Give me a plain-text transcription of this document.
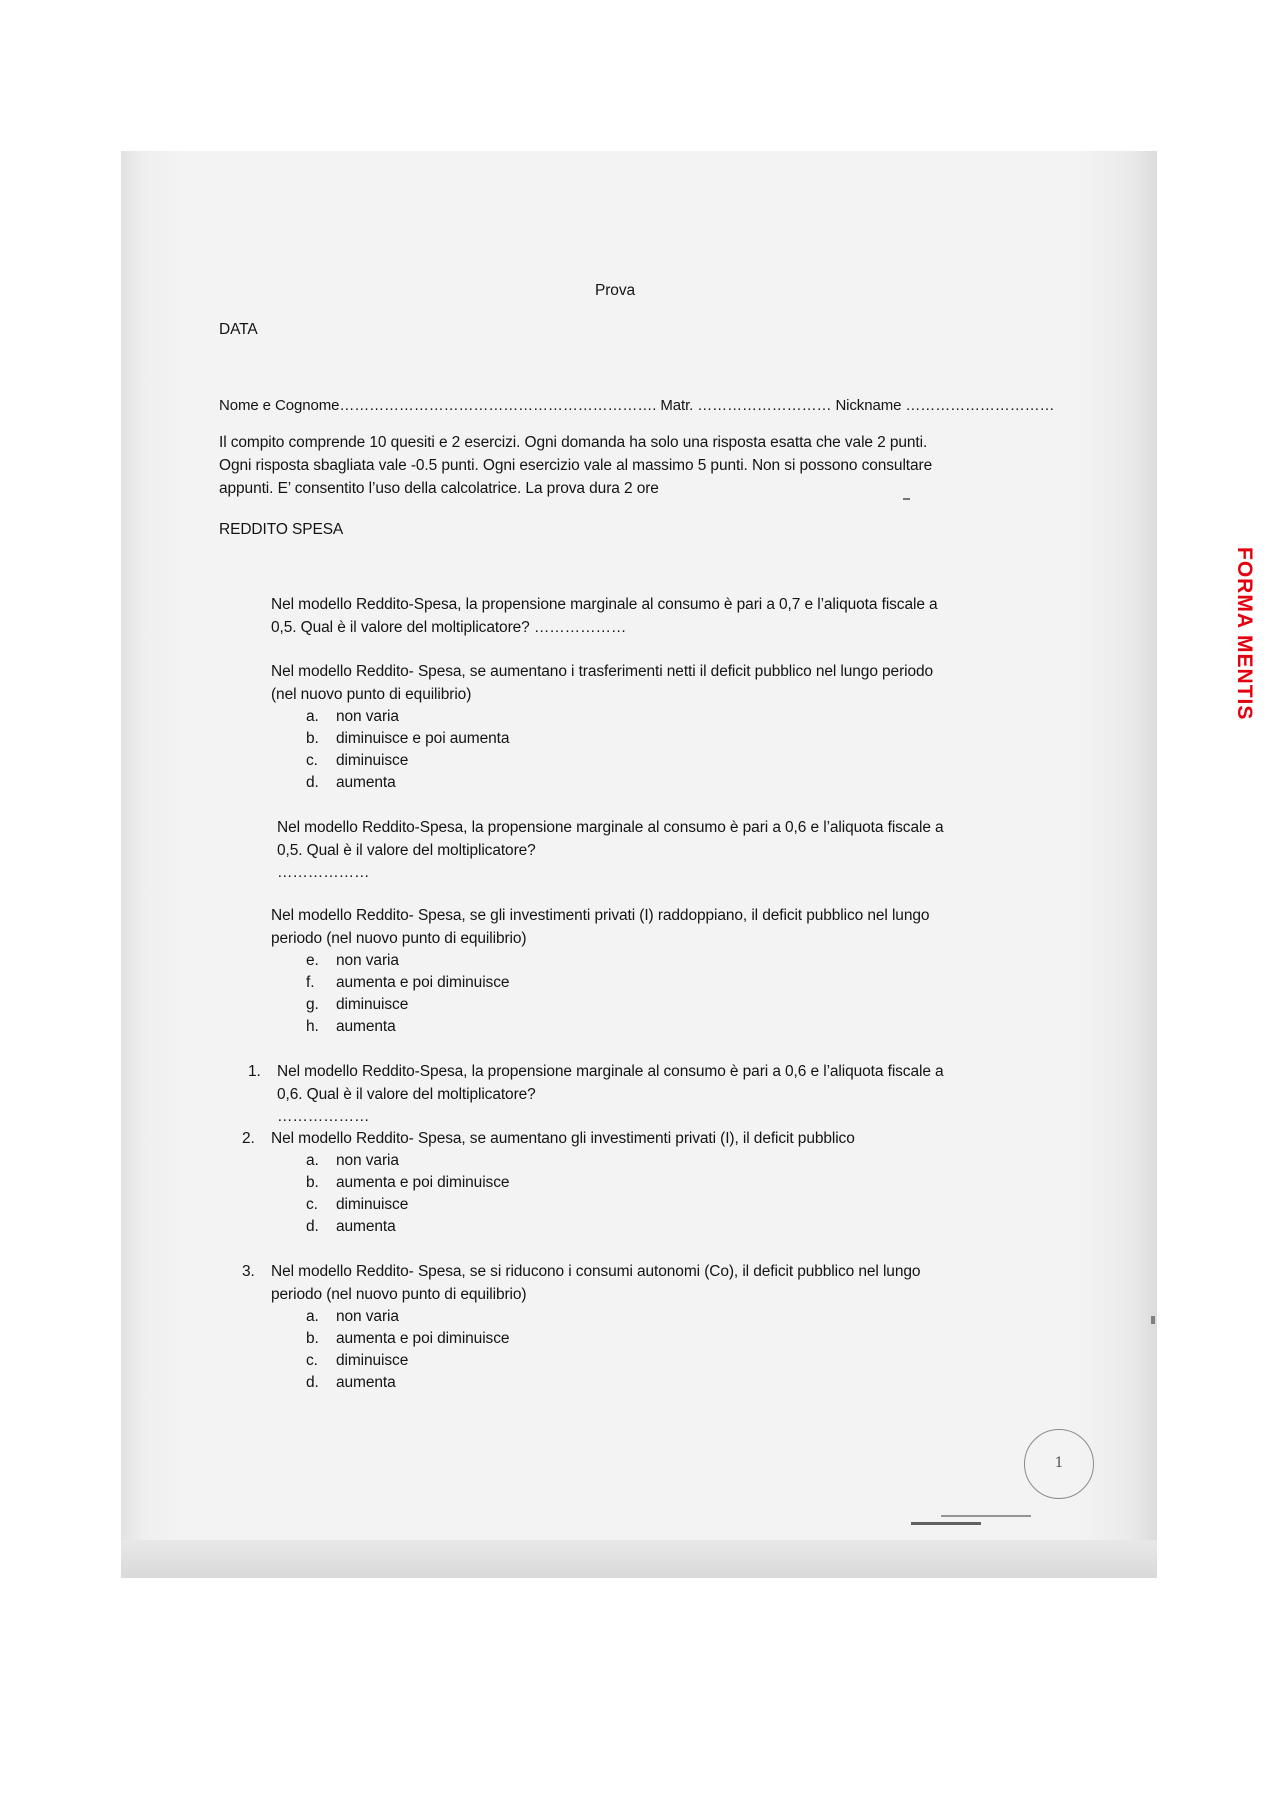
Prova
DATA
Nome e Cognome………………………………………………………. Matr. ……………………… Nickname …………………………
Il compito comprende 10 quesiti e 2 esercizi. Ogni domanda ha solo una risposta esatta che vale 2 punti.
Ogni risposta sbagliata vale -0.5 punti. Ogni esercizio vale al massimo 5 punti. Non si possono consultare
appunti. E’ consentito l’uso della calcolatrice. La prova dura 2 ore
REDDITO SPESA
Nel modello Reddito-Spesa, la propensione marginale al consumo è pari a 0,7 e l’aliquota fiscale a
0,5. Qual è il valore del moltiplicatore? ………………
Nel modello Reddito- Spesa, se aumentano i trasferimenti netti il deficit pubblico nel lungo periodo
(nel nuovo punto di equilibrio)
a. non varia
b. diminuisce e poi aumenta
c. diminuisce
d. aumenta
Nel modello Reddito-Spesa, la propensione marginale al consumo è pari a 0,6 e l’aliquota fiscale a
0,5. Qual è il valore del moltiplicatore?
………………
Nel modello Reddito- Spesa, se gli investimenti privati (I) raddoppiano, il deficit pubblico nel lungo
periodo (nel nuovo punto di equilibrio)
e. non varia
f. aumenta e poi diminuisce
g. diminuisce
h. aumenta
1. Nel modello Reddito-Spesa, la propensione marginale al consumo è pari a 0,6 e l’aliquota fiscale a
0,6. Qual è il valore del moltiplicatore?
………………
2. Nel modello Reddito- Spesa, se aumentano gli investimenti privati (I), il deficit pubblico
a. non varia
b. aumenta e poi diminuisce
c. diminuisce
d. aumenta
3. Nel modello Reddito- Spesa, se si riducono i consumi autonomi (Co), il deficit pubblico nel lungo
periodo (nel nuovo punto di equilibrio)
a. non varia
b. aumenta e poi diminuisce
c. diminuisce
d. aumenta
1
FORMA MENTIS
